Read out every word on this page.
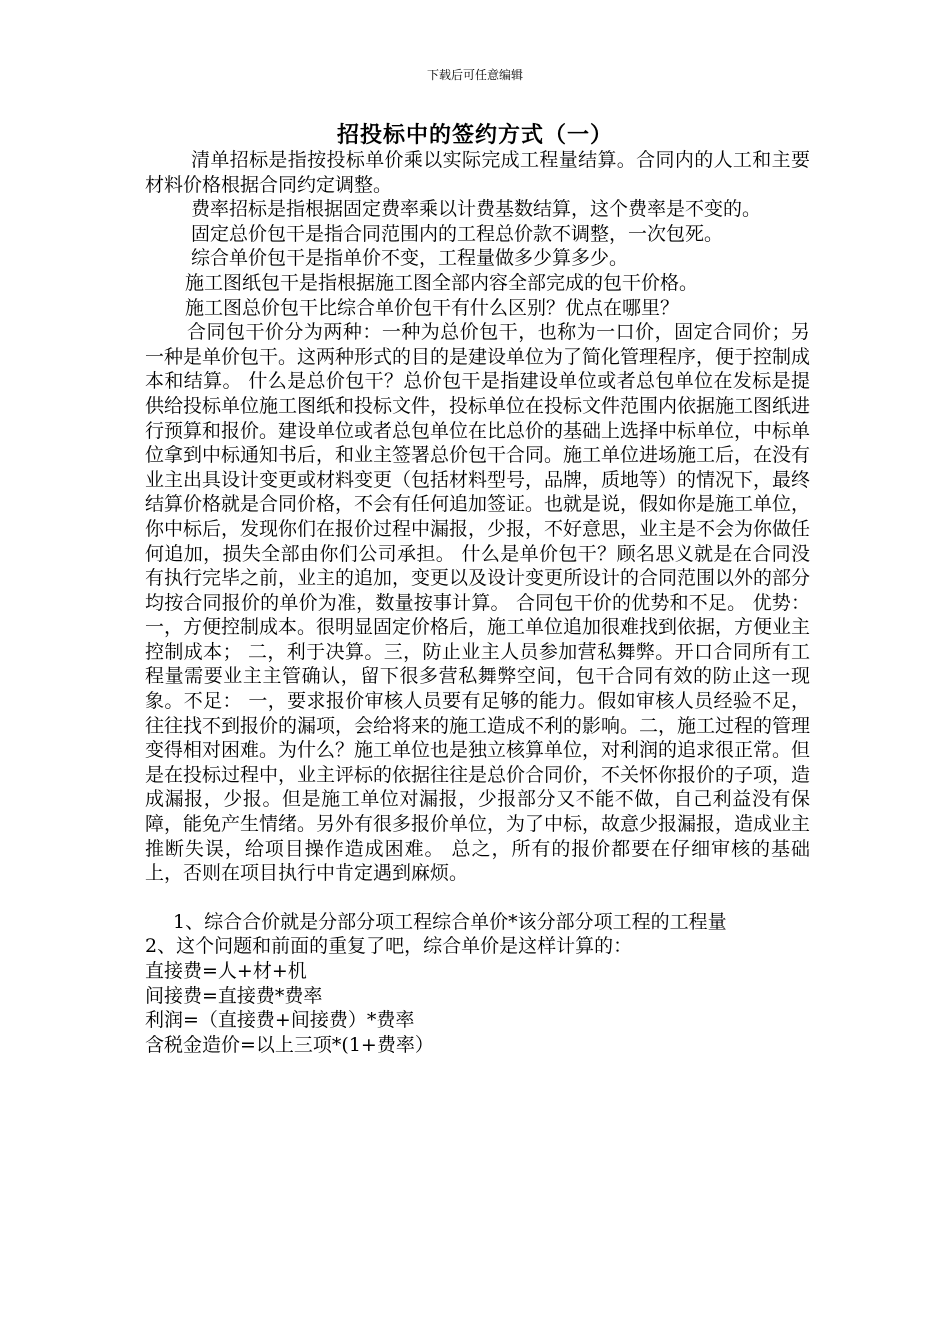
下载后可任意编辑
招投标中的签约方式（一）

清单招标是指按投标单价乘以实际完成工程量结算。合同内的人工和主要材料价格根据合同约定调整。

费率招标是指根据固定费率乘以计费基数结算，这个费率是不变的。

固定总价包干是指合同范围内的工程总价款不调整，一次包死。

综合单价包干是指单价不变，工程量做多少算多少。

施工图纸包干是指根据施工图全部内容全部完成的包干价格。

施工图总价包干比综合单价包干有什么区别？优点在哪里？

合同包干价分为两种：一种为总价包干，也称为一口价，固定合同价；另一种是单价包干。这两种形式的目的是建设单位为了简化管理程序，便于控制成本和结算。 什么是总价包干？总价包干是指建设单位或者总包单位在发标是提供给投标单位施工图纸和投标文件，投标单位在投标文件范围内依据施工图纸进行预算和报价。建设单位或者总包单位在比总价的基础上选择中标单位，中标单位拿到中标通知书后，和业主签署总价包干合同。施工单位进场施工后，在没有业主出具设计变更或材料变更（包括材料型号，品牌，质地等）的情况下，最终结算价格就是合同价格，不会有任何追加签证。也就是说，假如你是施工单位，你中标后，发现你们在报价过程中漏报，少报，不好意思，业主是不会为你做任何追加，损失全部由你们公司承担。 什么是单价包干？顾名思义就是在合同没有执行完毕之前，业主的追加，变更以及设计变更所设计的合同范围以外的部分均按合同报价的单价为准，数量按事计算。 合同包干价的优势和不足。 优势： 一，方便控制成本。很明显固定价格后，施工单位追加很难找到依据，方便业主控制成本； 二，利于决算。三，防止业主人员参加营私舞弊。开口合同所有工程量需要业主主管确认，留下很多营私舞弊空间，包干合同有效的防止这一现象。不足： 一，要求报价审核人员要有足够的能力。假如审核人员经验不足，往往找不到报价的漏项，会给将来的施工造成不利的影响。二，施工过程的管理变得相对困难。为什么？施工单位也是独立核算单位，对利润的追求很正常。但是在投标过程中，业主评标的依据往往是总价合同价，不关怀你报价的子项，造成漏报，少报。但是施工单位对漏报，少报部分又不能不做，自己利益没有保障，能免产生情绪。另外有很多报价单位，为了中标，故意少报漏报，造成业主推断失误，给项目操作造成困难。 总之，所有的报价都要在仔细审核的基础上，否则在项目执行中肯定遇到麻烦。

1、综合合价就是分部分项工程综合单价*该分部分项工程的工程量

2、这个问题和前面的重复了吧，综合单价是这样计算的：

直接费=人+材+机

间接费=直接费*费率

利润=（直接费+间接费）*费率

含税金造价=以上三项*(1+费率）
